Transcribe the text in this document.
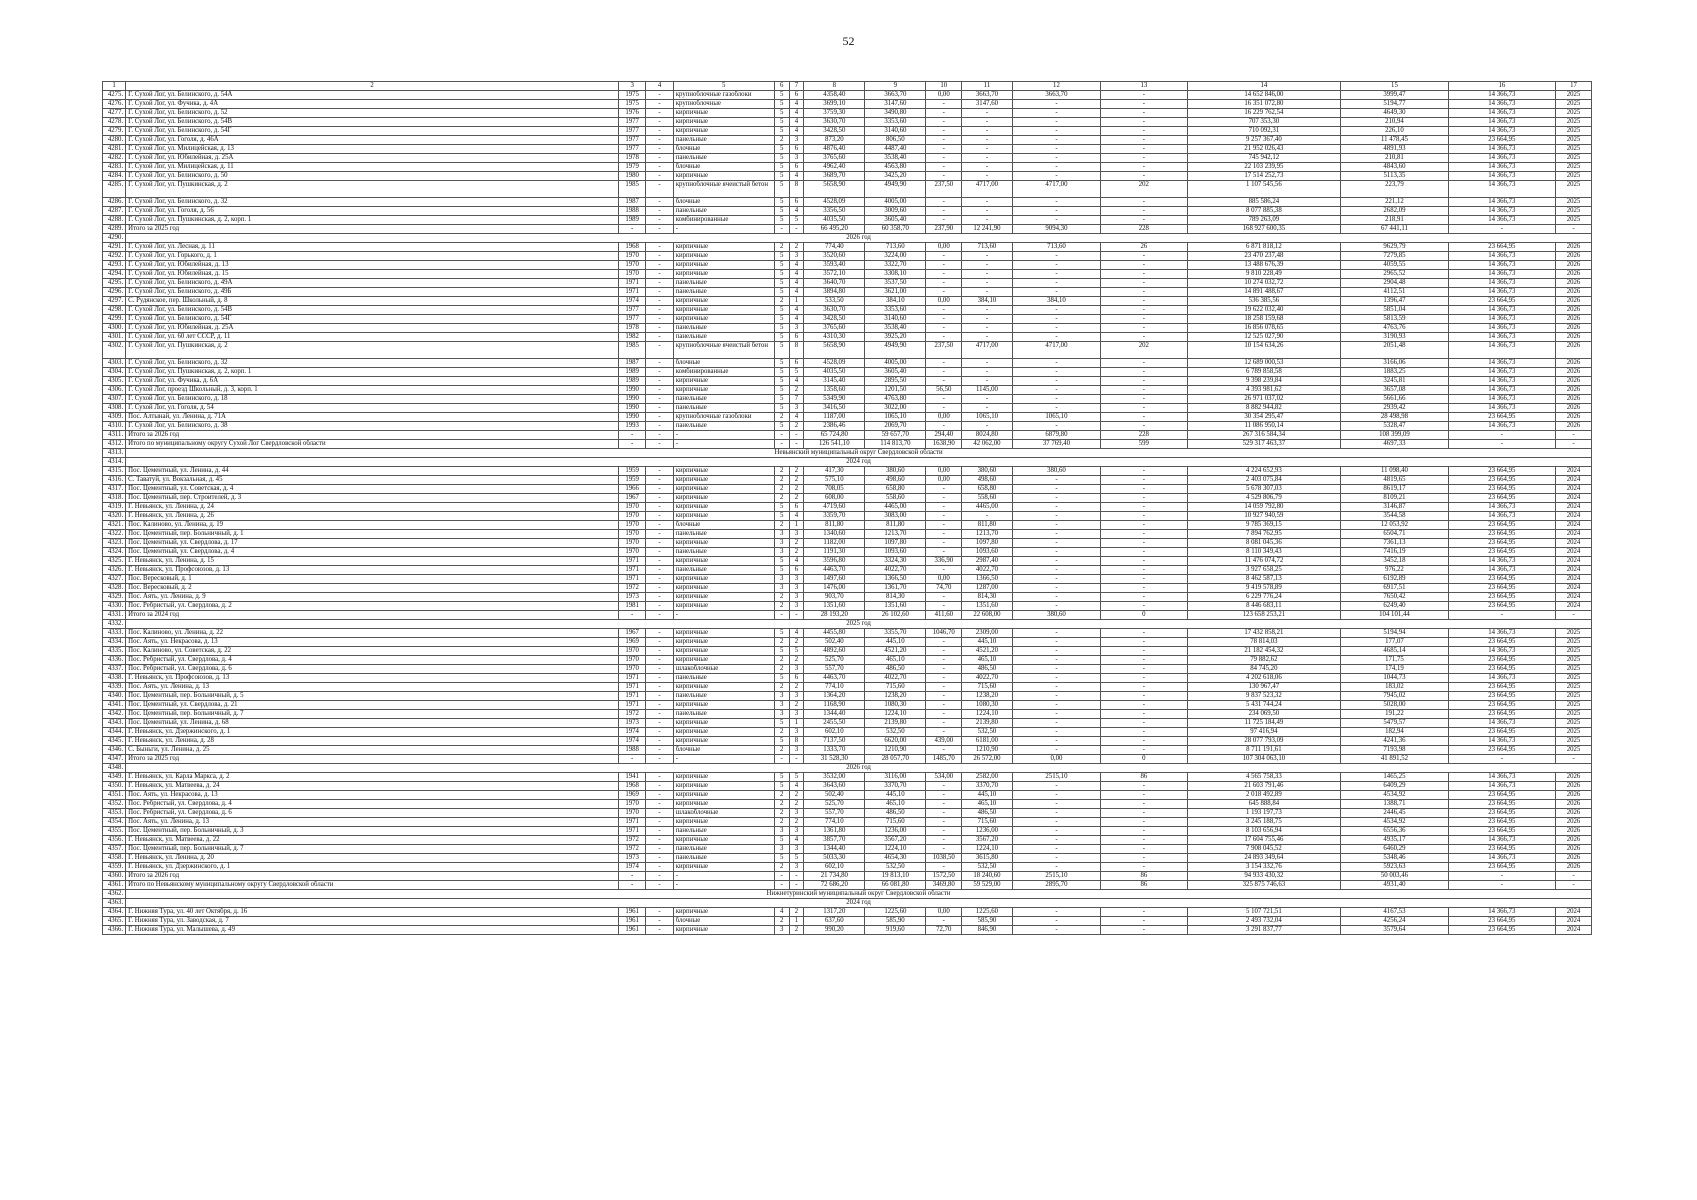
52
1	2	3	4	5	6	7	8	9	10	11	12	13	14	15	16	17
4275.	Г. Сухой Лог, ул. Белинского, д. 54А	1975	-	крупноблочные газоблоки	5	6	4358,40	3663,70	0,00	3663,70	3663,70	-	14 652 846,00	3999,47	14 366,73	2025
4276.	Г. Сухой Лог, ул. Фучика, д. 4А	1975	-	крупноблочные	5	4	3699,10	3147,60	-	3147,60	-	-	16 351 072,80	5194,77	14 366,73	2025
4277.	Г. Сухой Лог, ул. Белинского, д. 52	1976	-	кирпичные	5	4	3759,30	3490,80	-	-	-	-	16 229 762,54	4649,30	14 366,73	2025
4278.	Г. Сухой Лог, ул. Белинского, д. 54В	1977	-	кирпичные	5	4	3630,70	3353,60	-	-	-	-	707 353,30	210,94	14 366,73	2025
4279.	Г. Сухой Лог, ул. Белинского, д. 54Г	1977	-	кирпичные	5	4	3428,50	3140,60	-	-	-	-	710 092,31	226,10	14 366,73	2025
4280.	Г. Сухой Лог, ул. Гоголя, д. 46А	1977	-	панельные	2	3	873,20	806,50	-	-	-	-	9 257 367,40	11 478,45	23 664,95	2025
4281.	Г. Сухой Лог, ул. Милицейская, д. 13	1977	-	блочные	5	6	4876,40	4487,40	-	-	-	-	21 952 026,43	4891,93	14 366,73	2025
4282.	Г. Сухой Лог, ул. Юбилейная, д. 25А	1978	-	панельные	5	3	3765,60	3538,40	-	-	-	-	745 942,12	210,81	14 366,73	2025
4283.	Г. Сухой Лог, ул. Милицейская, д. 11	1979	-	блочные	5	6	4962,40	4563,80	-	-	-	-	22 103 239,95	4843,60	14 366,73	2025
4284.	Г. Сухой Лог, ул. Белинского, д. 50	1980	-	кирпичные	5	4	3689,70	3425,20	-	-	-	-	17 514 252,73	5113,35	14 366,73	2025
4285.	Г. Сухой Лог, ул. Пушкинская, д. 2	1985	-	крупноблочные ячеистый бетон	5	8	5658,90	4949,90	237,50	4717,00	4717,00	202	1 107 545,56	223,79	14 366,73	2025
4286.	Г. Сухой Лог, ул. Белинского, д. 32	1987	-	блочные	5	6	4528,09	4005,00	-	-	-	-	885 586,24	221,12	14 366,73	2025
4287.	Г. Сухой Лог, ул. Гоголя, д. 56	1988	-	панельные	5	4	3356,50	3009,60	-	-	-	-	8 077 885,38	2682,09	14 366,73	2025
4288.	Г. Сухой Лог, ул. Пушкинская, д. 2, корп. 1	1989	-	комбинированные	5	5	4035,50	3605,40	-	-	-	-	789 263,09	218,91	14 366,73	2025
4289.	Итого за 2025 год	-	-	-	-	-	66 495,20	60 358,70	237,90	12 241,90	9094,30	228	168 927 600,35	67 441,11	-	-
4290.	2026 год															
4291.	Г. Сухой Лог, ул. Лесная, д. 11	1968	-	кирпичные	2	2	774,40	713,60	0,00	713,60	713,60	26	6 871 818,12	9629,79	23 664,95	2026
4292.	Г. Сухой Лог, ул. Горького, д. 1	1970	-	кирпичные	5	3	3520,60	3224,00	-	-	-	-	23 470 237,48	7279,85	14 366,73	2026
4293.	Г. Сухой Лог, ул. Юбилейная, д. 13	1970	-	кирпичные	5	4	3593,40	3322,70	-	-	-	-	13 488 676,39	4059,55	14 366,73	2026
4294.	Г. Сухой Лог, ул. Юбилейная, д. 15	1970	-	кирпичные	5	4	3572,10	3308,10	-	-	-	-	9 810 228,49	2965,52	14 366,73	2026
4295.	Г. Сухой Лог, ул. Белинского, д. 49А	1971	-	панельные	5	4	3640,70	3537,50	-	-	-	-	10 274 032,72	2904,48	14 366,73	2026
4296.	Г. Сухой Лог, ул. Белинского, д. 49Б	1971	-	панельные	5	4	3894,80	3621,00	-	-	-	-	14 891 488,67	4112,51	14 366,73	2026
4297.	С. Рудянское, пер. Школьный, д. 8	1974	-	кирпичные	2	1	533,50	384,10	0,00	384,10	384,10	-	536 385,56	1396,47	23 664,95	2026
4298.	Г. Сухой Лог, ул. Белинского, д. 54В	1977	-	кирпичные	5	4	3630,70	3353,60	-	-	-	-	19 622 032,40	5851,04	14 366,73	2026
4299.	Г. Сухой Лог, ул. Белинского, д. 54Г	1977	-	кирпичные	5	4	3428,50	3140,60	-	-	-	-	18 258 159,68	5813,59	14 366,73	2026
4300.	Г. Сухой Лог, ул. Юбилейная, д. 25А	1978	-	панельные	5	3	3765,60	3538,40	-	-	-	-	16 856 078,65	4763,76	14 366,73	2026
4301.	Г. Сухой Лог, ул. 60 лет СССР, д. 11	1982	-	панельные	5	6	4310,30	3925,20	-	-	-	-	12 525 027,90	3190,93	14 366,73	2026
4302.	Г. Сухой Лог, ул. Пушкинская, д. 2	1985	-	крупноблочные ячеистый бетон	5	8	5658,90	4949,90	237,50	4717,00	4717,00	202	10 154 634,26	2051,48	14 366,73	2026
4303.	Г. Сухой Лог, ул. Белинского, д. 32	1987	-	блочные	5	6	4528,09	4005,00	-	-	-	-	12 689 000,53	3166,06	14 366,73	2026
4304.	Г. Сухой Лог, ул. Пушкинская, д. 2, корп. 1	1989	-	комбинированные	5	5	4035,50	3605,40	-	-	-	-	6 789 858,58	1883,25	14 366,73	2026
4305.	Г. Сухой Лог, ул. Фучика, д. 6А	1989	-	кирпичные	5	4	3145,40	2895,50	-	-	-	-	9 398 239,84	3245,81	14 366,73	2026
4306.	Г. Сухой Лог, проезд Школьный, д. 3, корп. 1	1990	-	кирпичные	5	2	1358,60	1201,50	56,50	1145,00	-	-	4 393 981,62	3657,08	14 366,73	2026
4307.	Г. Сухой Лог, ул. Белинского, д. 18	1990	-	панельные	5	7	5349,90	4763,80	-	-	-	-	26 971 037,02	5661,66	14 366,73	2026
4308.	Г. Сухой Лог, ул. Гоголя, д. 54	1990	-	панельные	5	3	3416,50	3022,00	-	-	-	-	8 882 944,82	2939,42	14 366,73	2026
4309.	Пос. Алтынай, ул. Ленина, д. 71А	1990	-	крупноблочные газоблоки	2	4	1187,00	1065,10	0,00	1065,10	1065,10	-	30 354 295,47	28 498,98	23 664,95	2026
4310.	Г. Сухой Лог, ул. Белинского, д. 38	1993	-	панельные	5	2	2386,46	2069,70	-	-	-	-	11 086 950,14	5328,47	14 366,73	2026
4311.	Итого за 2026 год	-	-	-	-	-	65 724,80	59 657,70	294,40	8024,80	6879,80	228	267 316 584,34	108 399,09	-	-
4312.	Итого по муниципальному округу Сухой Лог Свердловской области	-	-	-	-	-	126 541,10	114 813,70	1638,90	42 062,00	37 769,40	599	529 317 463,37	4697,33	-	-
4313.	Невьянский муниципальный округ Свердловской области															
4314.	2024 год															
4315.	Пос. Цементный, ул. Ленина, д. 44	1959	-	кирпичные	2	2	417,30	380,60	0,00	380,60	380,60	-	4 224 652,93	11 098,40	23 664,95	2024
4316.	С. Таватуй, ул. Вокзальная, д. 45	1959	-	кирпичные	2	2	575,10	498,60	0,00	498,60	-	-	2 403 075,84	4819,65	23 664,95	2024
4317.	Пос. Цементный, ул. Советская, д. 4	1966	-	кирпичные	2	2	708,05	658,80	-	658,80	-	-	5 678 307,03	8619,17	23 664,95	2024
4318.	Пос. Цементный, пер. Строителей, д. 3	1967	-	кирпичные	2	2	608,00	558,60	-	558,60	-	-	4 529 806,79	8109,21	23 664,95	2024
4319.	Г. Невьянск, ул. Ленина, д. 24	1970	-	кирпичные	5	6	4719,60	4465,00	-	4465,00	-	-	14 059 792,80	3146,87	14 366,73	2024
4320.	Г. Невьянск, ул. Ленина, д. 26	1970	-	кирпичные	5	4	3359,70	3083,00	-	-	-	-	10 927 940,59	3544,58	14 366,73	2024
4321.	Пос. Калиново, ул. Ленина, д. 19	1970	-	блочные	2	1	811,80	811,80	-	811,80	-	-	9 785 369,15	12 053,92	23 664,95	2024
4322.	Пос. Цементный, пер. Больничный, д. 1	1970	-	панельные	3	3	1340,60	1213,70	-	1213,70	-	-	7 894 762,95	6504,71	23 664,95	2024
4323.	Пос. Цементный, ул. Свердлова, д. 17	1970	-	кирпичные	3	2	1182,00	1097,80	-	1097,80	-	-	8 081 045,36	7361,13	23 664,95	2024
4324.	Пос. Цементный, ул. Свердлова, д. 4	1970	-	панельные	3	2	1191,30	1093,60	-	1093,60	-	-	8 110 349,43	7416,19	23 664,95	2024
4325.	Г. Невьянск, ул. Ленина, д. 15	1971	-	кирпичные	5	4	3596,80	3324,30	336,90	2987,40	-	-	11 476 074,72	3452,18	14 366,73	2024
4326.	Г. Невьянск, ул. Профсоюзов, д. 13	1971	-	панельные	5	6	4463,70	4022,70	-	4022,70	-	-	3 927 658,25	976,22	14 366,73	2024
4327.	Пос. Вересковый, д. 1	1971	-	кирпичные	3	3	1497,60	1366,50	0,00	1366,50	-	-	8 462 587,13	6192,89	23 664,95	2024
4328.	Пос. Вересковый, д. 2	1972	-	кирпичные	3	3	1476,00	1361,70	74,70	1287,00	-	-	9 419 578,89	6917,51	23 664,95	2024
4329.	Пос. Аять, ул. Ленина, д. 9	1973	-	кирпичные	2	3	903,70	814,30	-	814,30	-	-	6 229 776,24	7650,42	23 664,95	2024
4330.	Пос. Ребристый, ул. Свердлова, д. 2	1981	-	кирпичные	2	3	1351,60	1351,60	-	1351,60	-	-	8 446 683,11	6249,40	23 664,95	2024
4331.	Итого за 2024 год	-	-	-	-	-	28 193,20	26 102,60	411,60	22 608,00	380,60	0	123 658 253,21	104 101,44	-	-
4332.	2025 год															
4333.	Пос. Калиново, ул. Ленина, д. 22	1967	-	кирпичные	5	4	4455,80	3355,70	1046,70	2309,00	-	-	17 432 858,21	5194,94	14 366,73	2025
4334.	Пос. Аять, ул. Некрасова, д. 13	1969	-	кирпичные	2	2	502,40	445,10	-	445,10	-	-	78 814,03	177,07	23 664,95	2025
4335.	Пос. Калиново, ул. Советская, д. 22	1970	-	кирпичные	5	5	4892,60	4521,20	-	4521,20	-	-	21 182 454,32	4685,14	14 366,73	2025
4336.	Пос. Ребристый, ул. Свердлова, д. 4	1970	-	кирпичные	2	2	525,70	465,10	-	465,10	-	-	79 882,62	171,75	23 664,95	2025
4337.	Пос. Ребристый, ул. Свердлова, д. 6	1970	-	шлакоблочные	2	3	557,70	486,50	-	486,50	-	-	84 745,20	174,19	23 664,95	2025
4338.	Г. Невьянск, ул. Профсоюзов, д. 13	1971	-	панельные	5	6	4463,70	4022,70	-	4022,70	-	-	4 202 618,06	1044,73	14 366,73	2025
4339.	Пос. Аять, ул. Ленина, д. 13	1971	-	кирпичные	2	2	774,10	715,60	-	715,60	-	-	130 967,47	183,02	23 664,95	2025
4340.	Пос. Цементный, пер. Больничный, д. 5	1971	-	панельные	3	3	1364,20	1238,20	-	1238,20	-	-	9 837 523,32	7945,02	23 664,95	2025
4341.	Пос. Цементный, ул. Свердлова, д. 21	1971	-	кирпичные	3	2	1168,90	1080,30	-	1080,30	-	-	5 431 744,24	5028,00	23 664,95	2025
4342.	Пос. Цементный, пер. Больничный, д. 7	1972	-	панельные	3	3	1344,40	1224,10	-	1224,10	-	-	234 069,50	191,22	23 664,95	2025
4343.	Пос. Цементный, ул. Ленина, д. 68	1973	-	кирпичные	5	1	2455,50	2139,80	-	2139,80	-	-	11 725 184,49	5479,57	14 366,73	2025
4344.	Г. Невьянск, ул. Дзержинского, д. 1	1974	-	кирпичные	2	3	602,10	532,50	-	532,50	-	-	97 416,94	182,94	23 664,95	2025
4345.	Г. Невьянск, ул. Ленина, д. 28	1974	-	кирпичные	5	8	7137,50	6620,00	439,00	6181,00	-	-	28 077 793,09	4241,36	14 366,73	2025
4346.	С. Быньги, ул. Ленина, д. 25	1988	-	блочные	2	3	1333,70	1210,90	-	1210,90	-	-	8 711 191,61	7193,98	23 664,95	2025
4347.	Итого за 2025 год	-	-	-	-	-	31 528,30	28 057,70	1485,70	26 572,00	0,00	0	107 304 063,10	41 891,52	-	-
4348.	2026 год															
4349.	Г. Невьянск, ул. Карла Маркса, д. 2	1941	-	кирпичные	5	5	3532,00	3116,00	534,00	2582,00	2515,10	86	4 565 758,33	1465,25	14 366,73	2026
4350.	Г. Невьянск, ул. Матвеева, д. 24	1968	-	кирпичные	5	4	3643,60	3370,70	-	3370,70	-	-	21 603 791,46	6409,29	14 366,73	2026
4351.	Пос. Аять, ул. Некрасова, д. 13	1969	-	кирпичные	2	2	502,40	445,10	-	445,10	-	-	2 018 492,89	4534,92	23 664,95	2026
4352.	Пос. Ребристый, ул. Свердлова, д. 4	1970	-	кирпичные	2	2	525,70	465,10	-	465,10	-	-	645 888,84	1388,71	23 664,95	2026
4353.	Пос. Ребристый, ул. Свердлова, д. 6	1970	-	шлакоблочные	2	3	557,70	486,50	-	486,50	-	-	1 193 197,73	2446,45	23 664,95	2026
4354.	Пос. Аять, ул. Ленина, д. 13	1971	-	кирпичные	2	2	774,10	715,60	-	715,60	-	-	3 245 188,75	4534,92	23 664,95	2026
4355.	Пос. Цементный, пер. Больничный, д. 3	1971	-	панельные	3	3	1361,80	1236,00	-	1236,00	-	-	8 103 656,94	6556,36	23 664,95	2026
4356.	Г. Невьянск, ул. Матвеева, д. 22	1972	-	кирпичные	5	4	3857,70	3567,20	-	3567,20	-	-	17 604 755,46	4935,17	14 366,73	2026
4357.	Пос. Цементный, пер. Больничный, д. 7	1972	-	панельные	3	3	1344,40	1224,10	-	1224,10	-	-	7 908 045,52	6460,29	23 664,95	2026
4358.	Г. Невьянск, ул. Ленина, д. 20	1973	-	панельные	5	5	5033,30	4654,30	1038,50	3615,80	-	-	24 893 349,64	5348,46	14 366,73	2026
4359.	Г. Невьянск, ул. Дзержинского, д. 1	1974	-	кирпичные	2	3	602,10	532,50	-	532,50	-	-	3 154 332,76	5923,63	23 664,95	2026
4360.	Итого за 2026 год	-	-	-	-	-	21 734,80	19 813,10	1572,50	18 240,60	2515,10	86	94 933 430,32	50 003,46	-	-
4361.	Итого по Невьянскому муниципальному округу Свердловской области	-	-	-	-	-	72 686,20	66 081,80	3469,80	59 529,00	2895,70	86	325 875 746,63	4931,40	-	-
4362.	Нижнетуринский муниципальный округ Свердловской области															
4363.	2024 год															
4364.	Г. Нижняя Тура, ул. 40 лет Октября, д. 16	1961	-	кирпичные	4	2	1317,20	1225,60	0,00	1225,60	-	-	5 107 721,51	4167,53	14 366,73	2024
4365.	Г. Нижняя Тура, ул. Заводская, д. 7	1961	-	блочные	2	1	637,60	585,90	-	585,90	-	-	2 493 732,04	4256,24	23 664,95	2024
4366.	Г. Нижняя Тура, ул. Малышева, д. 49	1961	-	кирпичные	3	2	990,20	919,60	72,70	846,90	-	-	3 291 837,77	3579,64	23 664,95	2024
